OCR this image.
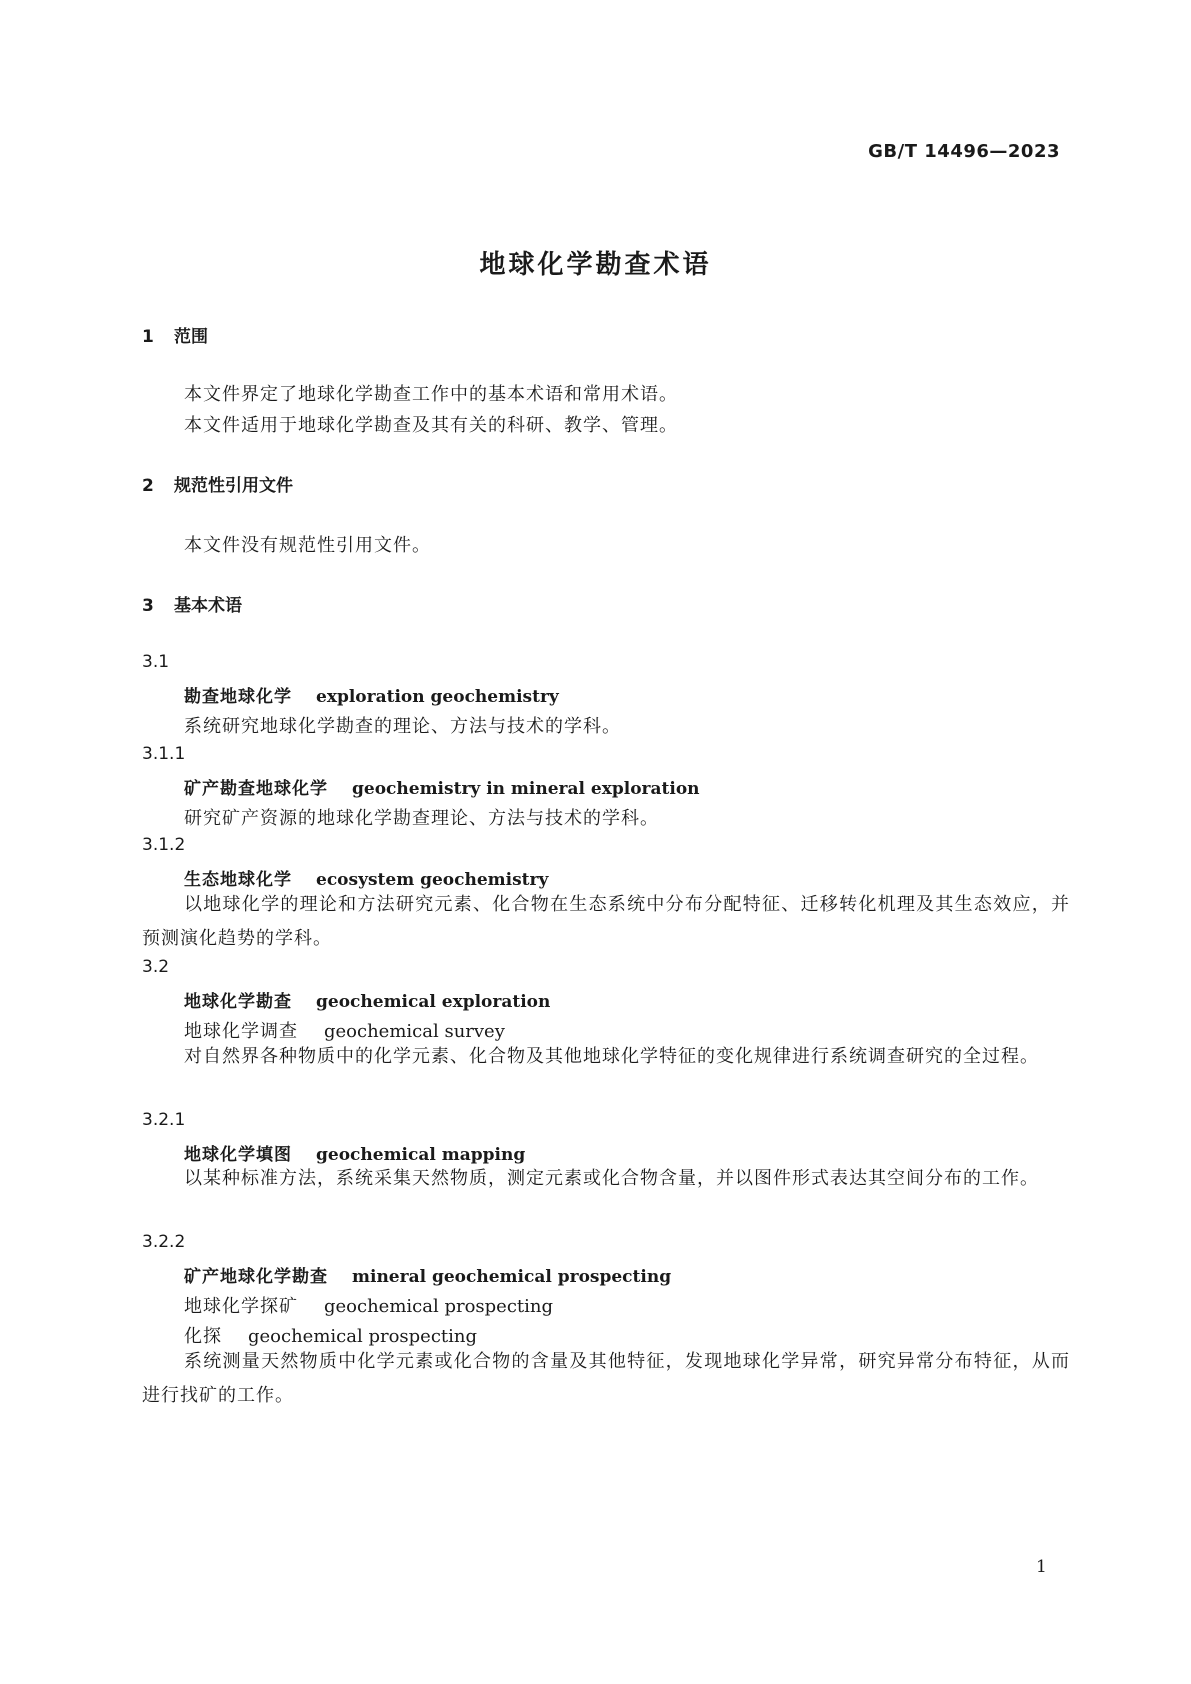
GB/T 14496—2023
地球化学勘查术语
1 范围
本文件界定了地球化学勘查工作中的基本术语和常用术语。
本文件适用于地球化学勘查及其有关的科研、教学、管理。
2 规范性引用文件
本文件没有规范性引用文件。
3 基本术语
3.1
勘查地球化学 exploration geochemistry
系统研究地球化学勘查的理论、方法与技术的学科。
3.1.1
矿产勘查地球化学 geochemistry in mineral exploration
研究矿产资源的地球化学勘查理论、方法与技术的学科。
3.1.2
生态地球化学 ecosystem geochemistry
以地球化学的理论和方法研究元素、化合物在生态系统中分布分配特征、迁移转化机理及其生态效应，并预测演化趋势的学科。
3.2
地球化学勘查 geochemical exploration
地球化学调查 geochemical survey
对自然界各种物质中的化学元素、化合物及其他地球化学特征的变化规律进行系统调查研究的全过程。
3.2.1
地球化学填图 geochemical mapping
以某种标准方法，系统采集天然物质，测定元素或化合物含量，并以图件形式表达其空间分布的工作。
3.2.2
矿产地球化学勘查 mineral geochemical prospecting
地球化学探矿 geochemical prospecting
化探 geochemical prospecting
系统测量天然物质中化学元素或化合物的含量及其他特征，发现地球化学异常，研究异常分布特征，从而进行找矿的工作。
1
